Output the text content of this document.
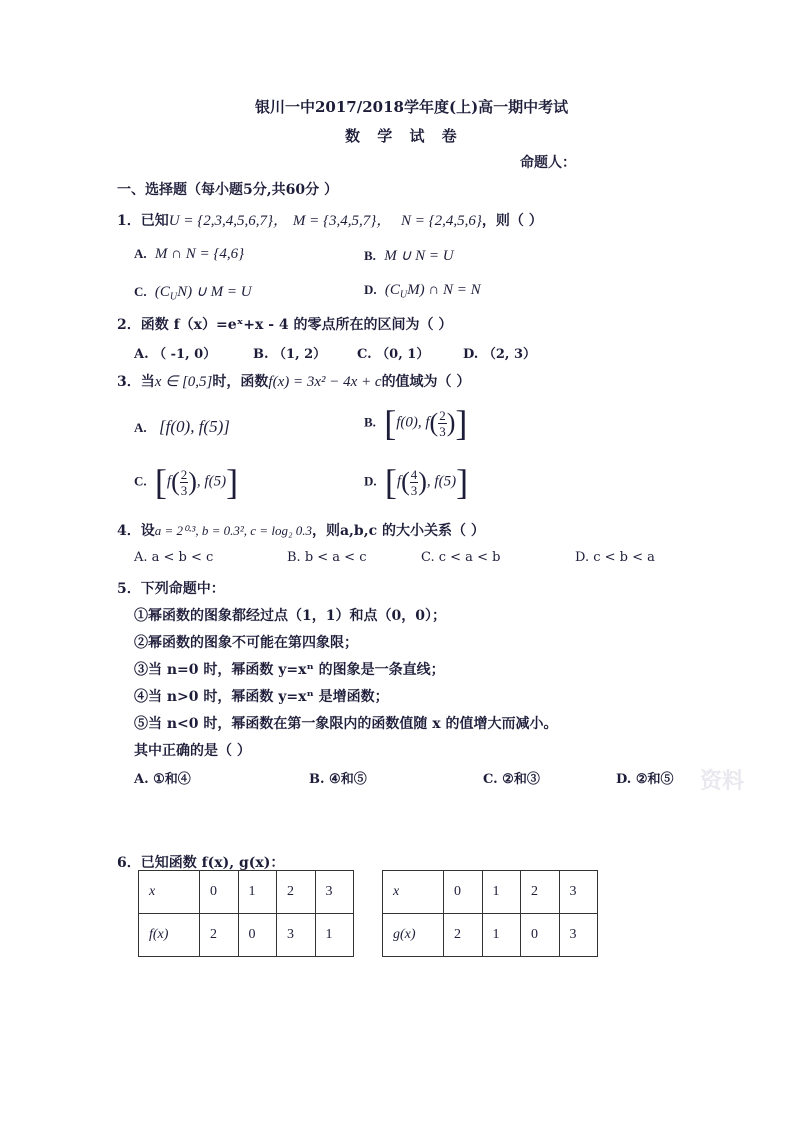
银川一中2017/2018学年度(上)高一期中考试
数 学 试 卷
命题人：
一、选择题（每小题5分,共60分 ）
1．已知U = {2,3,4,5,6,7}， M = {3,4,5,7}， N = {2,4,5,6}，则（ ）
A. M ∩ N = {4,6}	B. M ∪ N = U
C. $(C_UN)$ ∪ M = U	D. $(C_UM)$ ∩ N = N
2．函数 f（x）=eˣ+x - 4 的零点所在的区间为（ ）
A. （ -1, 0）	B. （1, 2） C. （0, 1）	D. （2, 3）
3．当x ∈ [0,5]时，函数f(x) = 3x² − 4x + c的值域为（ ）
A. [f(0), f(5)]	B. [f(0), $f( \frac{2}{3}$ )]
C. [$f( \frac{2}{3}$ ), f(5)]	D. [$f( \frac{4}{3}$ ), f(5)]
4．设a = 2⁰·³, b = 0.3², c = log₂ 0.3，则a,b,c 的大小关系（ ）
A. a < b < c	B. b < a < c	C. c < a < b	D. c < b < a
5．下列命题中：
①幂函数的图象都经过点（1，1）和点（0，0）；
②幂函数的图象不可能在第四象限；
③当 n=0 时，幂函数 y=xⁿ 的图象是一条直线；
④当 n>0 时，幂函数 y=xⁿ 是增函数；
⑤当 n<0 时，幂函数在第一象限内的函数值随 x 的值增大而减小。
其中正确的是（ ）
A. ①和④	B. ④和⑤	C. ②和③	D. ②和⑤ 资料
6．已知函数 f(x), g(x)：
x	0	1	2	3
f(x)	2	0	3	1
x	0	1	2	3
g(x)	2	1	0	3
